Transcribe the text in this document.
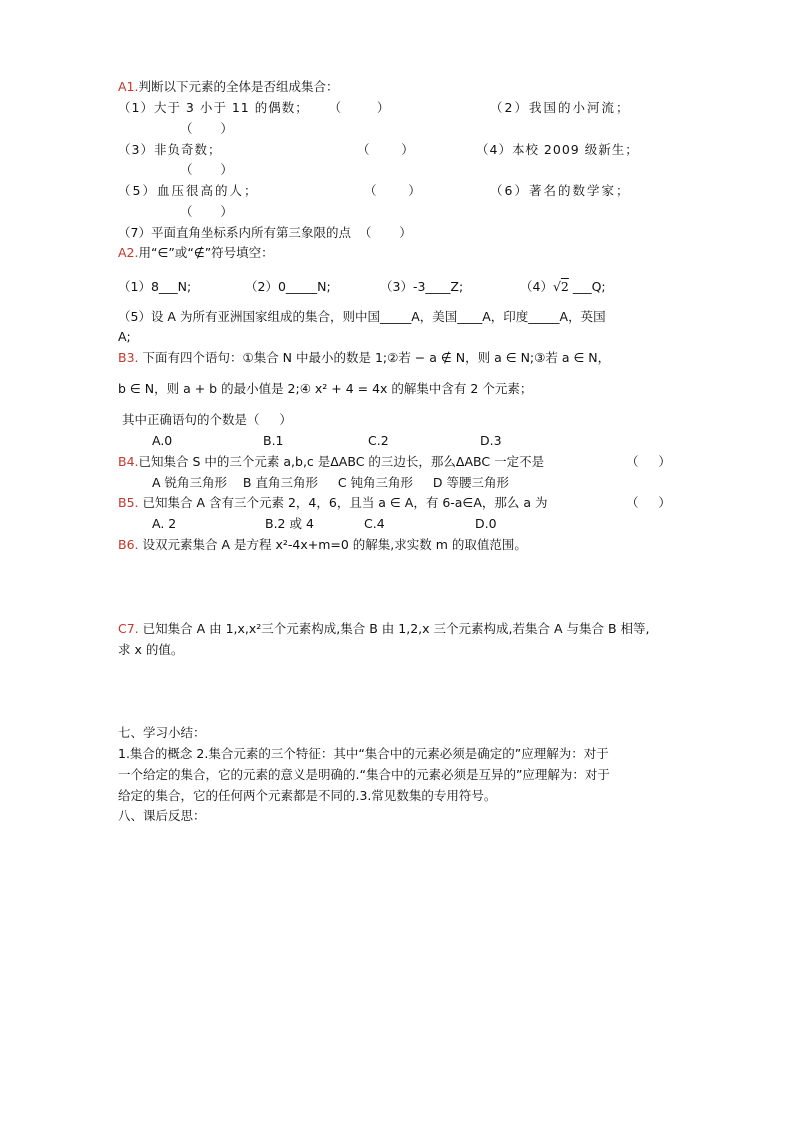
A1.判断以下元素的全体是否组成集合：
（1）大于 3 小于 11 的偶数；    （       ）	（2）我国的小河流；
（       ）
（3）非负奇数；	（        ）	（4）本校 2009 级新生；
（       ）
（5）血压很高的人；	（        ）	（6）著名的数学家；
（       ）
（7）平面直角坐标系内所有第三象限的点  （       ）
A2.用“∈”或“∉”符号填空：
（1）8___N;	（2）0_____N;	（3）-3____Z;	（4）√2 ___Q;
（5）设 A 为所有亚洲国家组成的集合，则中国_____A，美国____A，印度_____A，英国
A;
B3. 下面有四个语句：①集合 N 中最小的数是 1;②若 − a ∉ N，则 a ∈ N;③若 a ∈ N，
b ∈ N，则 a + b 的最小值是 2;④ x² + 4 = 4x 的解集中含有 2 个元素；
其中正确语句的个数是（     ）
A.0	B.1	C.2	D.3
B4.已知集合 S 中的三个元素 a,b,c 是ΔABC 的三边长，那么ΔABC 一定不是	（     ）
A 锐角三角形    B 直角三角形     C 钝角三角形     D 等腰三角形
B5. 已知集合 A 含有三个元素 2，4，6，且当 a ∈ A，有 6-a∈A，那么 a 为	（     ）
A. 2	B.2 或 4	C.4	D.0
B6. 设双元素集合 A 是方程 x²-4x+m=0 的解集,求实数 m 的取值范围。
C7. 已知集合 A 由 1,x,x²三个元素构成,集合 B 由 1,2,x 三个元素构成,若集合 A 与集合 B 相等,
求 x 的值。
七、学习小结：
1.集合的概念 2.集合元素的三个特征：其中“集合中的元素必须是确定的”应理解为：对于
一个给定的集合，它的元素的意义是明确的.“集合中的元素必须是互异的”应理解为：对于
给定的集合，它的任何两个元素都是不同的.3.常见数集的专用符号。
八、课后反思：
